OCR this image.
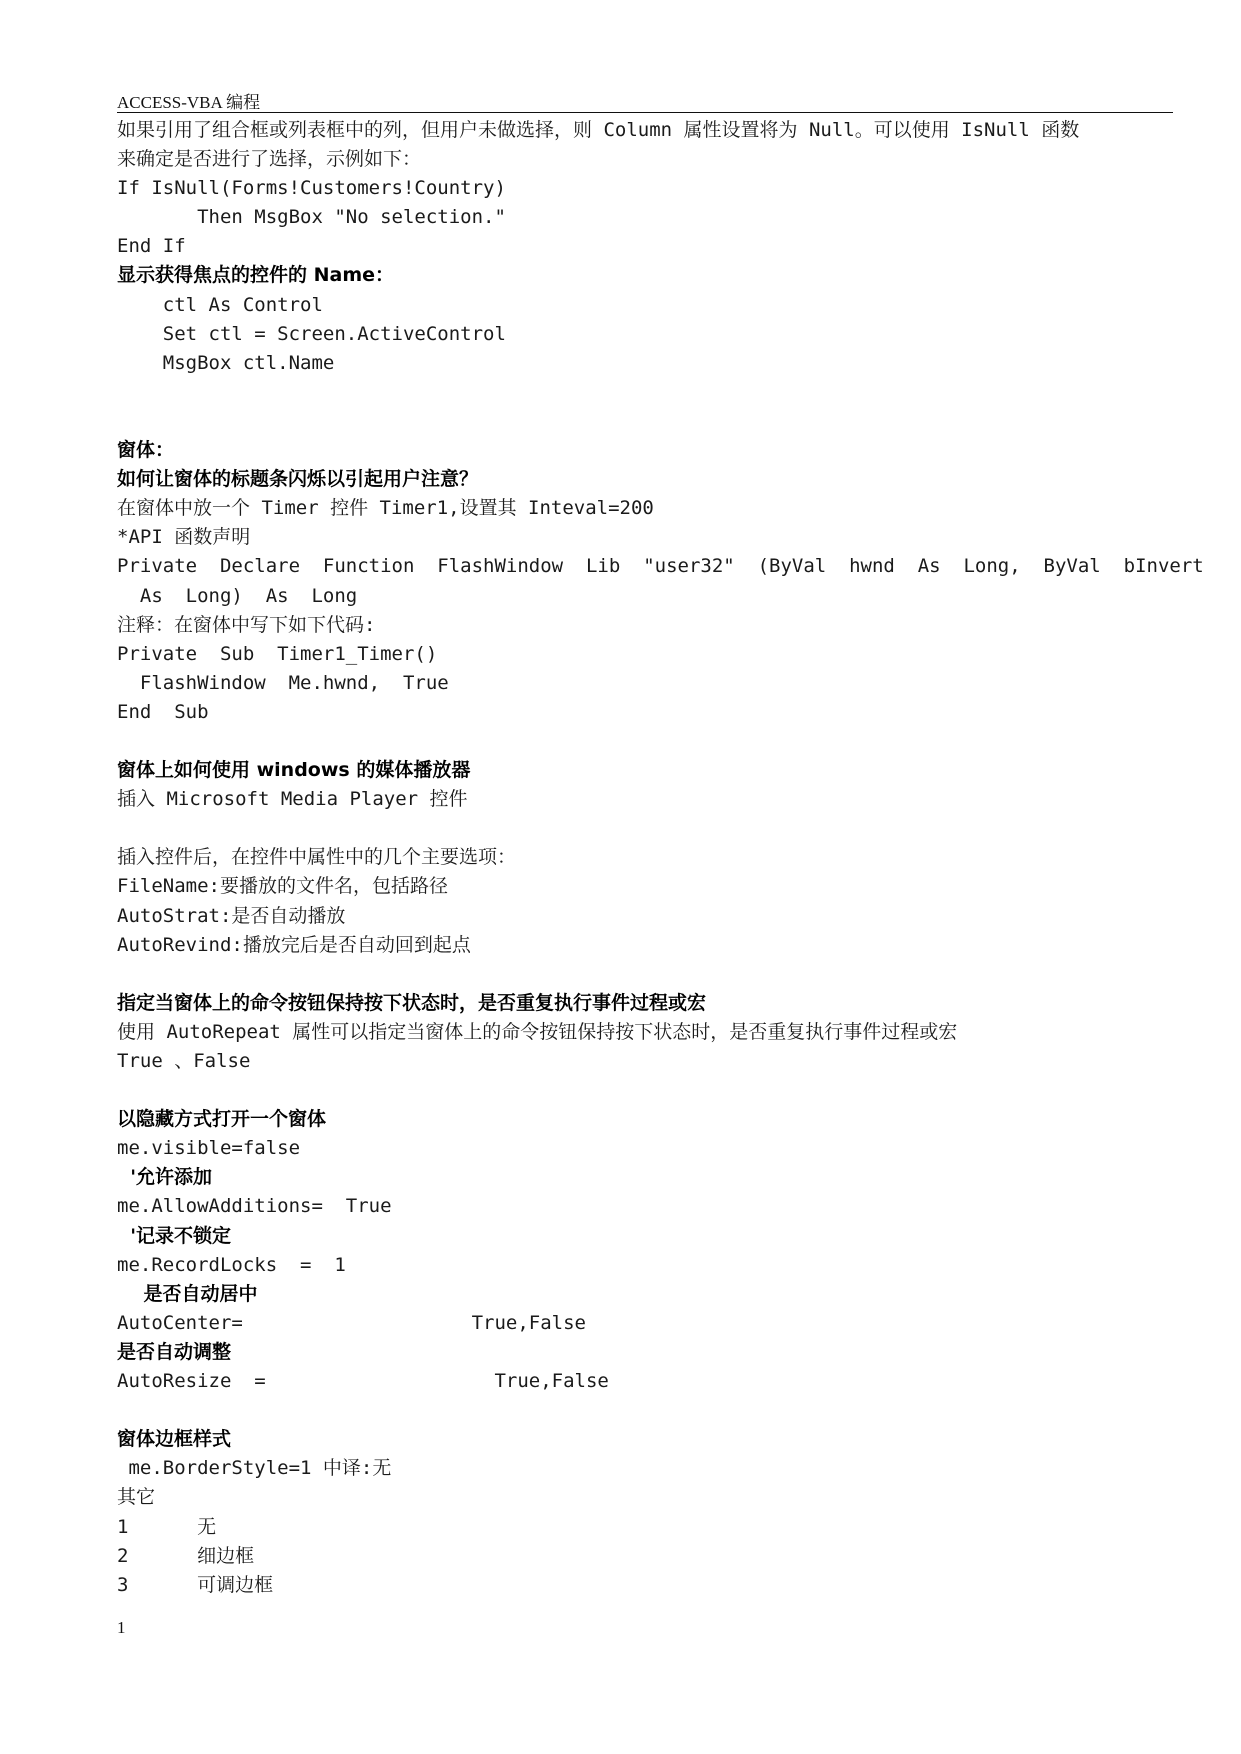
ACCESS-VBA 编程
如果引用了组合框或列表框中的列，但用户未做选择，则 Column 属性设置将为 Null。可以使用 IsNull 函数
来确定是否进行了选择，示例如下：
If IsNull(Forms!Customers!Country)
Then MsgBox "No selection."
End If
显示获得焦点的控件的 Name：
ctl As Control
Set ctl = Screen.ActiveControl
MsgBox ctl.Name
窗体：
如何让窗体的标题条闪烁以引起用户注意？
在窗体中放一个 Timer 控件 Timer1,设置其 Inteval=200
*API 函数声明
Private  Declare  Function  FlashWindow  Lib  "user32"  (ByVal  hwnd  As  Long,  ByVal  bInvert
As  Long)  As  Long
注释：在窗体中写下如下代码:
Private  Sub  Timer1_Timer()
FlashWindow  Me.hwnd,  True
End  Sub
窗体上如何使用 windows 的媒体播放器
插入 Microsoft Media Player 控件
插入控件后，在控件中属性中的几个主要选项：
FileName:要播放的文件名，包括路径
AutoStrat:是否自动播放
AutoRevind:播放完后是否自动回到起点
指定当窗体上的命令按钮保持按下状态时，是否重复执行事件过程或宏
使用 AutoRepeat 属性可以指定当窗体上的命令按钮保持按下状态时，是否重复执行事件过程或宏
True 、False
以隐藏方式打开一个窗体
me.visible=false
'允许添加
me.AllowAdditions=  True
'记录不锁定
me.RecordLocks  =  1
是否自动居中
AutoCenter=                    True,False
是否自动调整
AutoResize  =                    True,False
窗体边框样式
me.BorderStyle=1 中译:无
其它
1      无
2      细边框
3      可调边框
1
